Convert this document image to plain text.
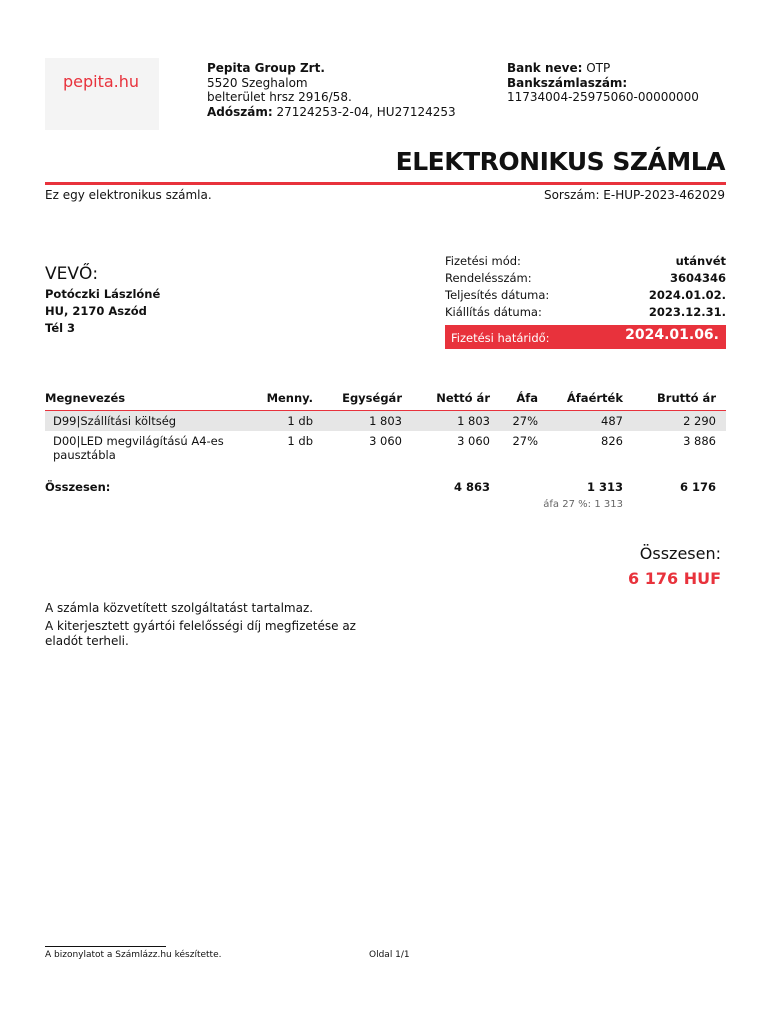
pepita.hu
Pepita Group Zrt.
5520 Szeghalom
belterület hrsz 2916/58.
Adószám: 27124253-2-04, HU27124253
Bank neve: OTP
Bankszámlaszám:
11734004-25975060-00000000
ELEKTRONIKUS SZÁMLA
Ez egy elektronikus számla.	Sorszám: E-HUP-2023-462029
VEVŐ:
Potóczki Lászlóné
HU, 2170 Aszód
Tél 3
Fizetési mód:	utánvét
Rendelésszám:	3604346
Teljesítés dátuma:	2024.01.02.
Kiállítás dátuma:	2023.12.31.
Fizetési határidő:	2024.01.06.
Megnevezés	Menny.	Egységár	Nettó ár	Áfa	Áfaérték	Bruttó ár
D99|Szállítási költség	1 db	1 803	1 803	27%	487	2 290
D00|LED megvilágítású A4-es pausztábla	1 db	3 060	3 060	27%	826	3 886
Összesen:	4 863	1 313	6 176
áfa 27 %: 1 313
Összesen:
6 176 HUF

A számla közvetített szolgáltatást tartalmaz.

A kiterjesztett gyártói felelősségi díj megfizetése az eladót terheli.

A bizonylatot a Számlázz.hu készítette.	Oldal 1/1
